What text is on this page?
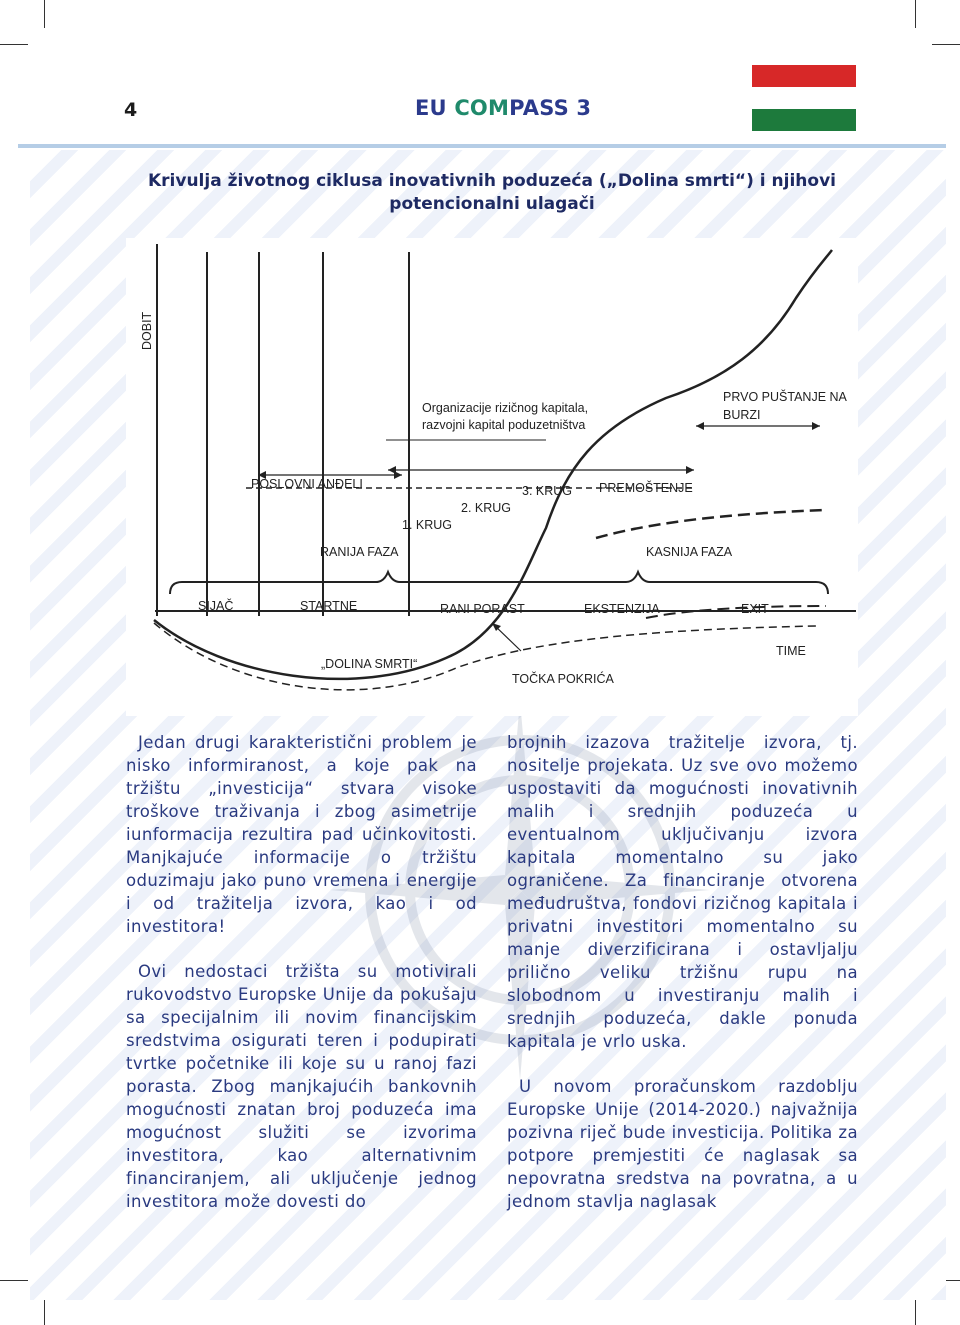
4	EU COMPASS 3
Krivulja životnog ciklusa inovativnih poduzeća („Dolina smrti“) i njihovi potencionalni ulagači
DOBIT
Organizacije rizičnog kapitala,
razvojni kapital poduzetništva
PRVO PUŠTANJE NA
BURZI
POSLOVNI ANĐELI
1. KRUG
2. KRUG
3. KRUG PREMOŠTENJE
RANIJA FAZA	KASNIJA FAZA
SIJAČ	STARTNE	RANI PORAST	EKSTENZIJA	EXIT
„DOLINA SMRTI“
TOČKA POKRIĆA
TIME

Jedan drugi karakteristični problem je nisko informiranost, a koje pak na tržištu „investicija“ stvara visoke troškove traživanja i zbog asimetrije iunformacija rezultira pad učinkovitosti. Manjkajuće informacije o tržištu oduzimaju jako puno vremena i energije i od tražitelja izvora, kao i od investitora!

Ovi nedostaci tržišta su motivirali rukovodstvo Europske Unije da pokušaju sa specijalnim ili novim financijskim sredstvima osigurati teren i podupirati tvrtke početnike ili koje su u ranoj fazi porasta. Zbog manjkajućih bankovnih mogućnosti znatan broj poduzeća ima mogućnost služiti se izvorima investitora, kao alternativnim financiranjem, ali uključenje jednog investitora može dovesti do

brojnih izazova tražitelje izvora, tj. nositelje projekata. Uz sve ovo možemo uspostaviti da mogućnosti inovativnih malih i srednjih poduzeća u eventualnom uključivanju izvora kapitala momentalno su jako ograničene. Za financiranje otvorena međudruštva, fondovi rizičnog kapitala i privatni investitori momentalno su manje diverzificirana i ostavljalju prilično veliku tržišnu rupu na slobodnom u investiranju malih i srednjih poduzeća, dakle ponuda kapitala je vrlo uska.

U novom proračunskom razdoblju Europske Unije (2014-2020.) najvažnija pozivna riječ bude investicija. Politika za potpore premjestiti će naglasak sa nepovratna sredstva na povratna, a u jednom stavlja naglasak
